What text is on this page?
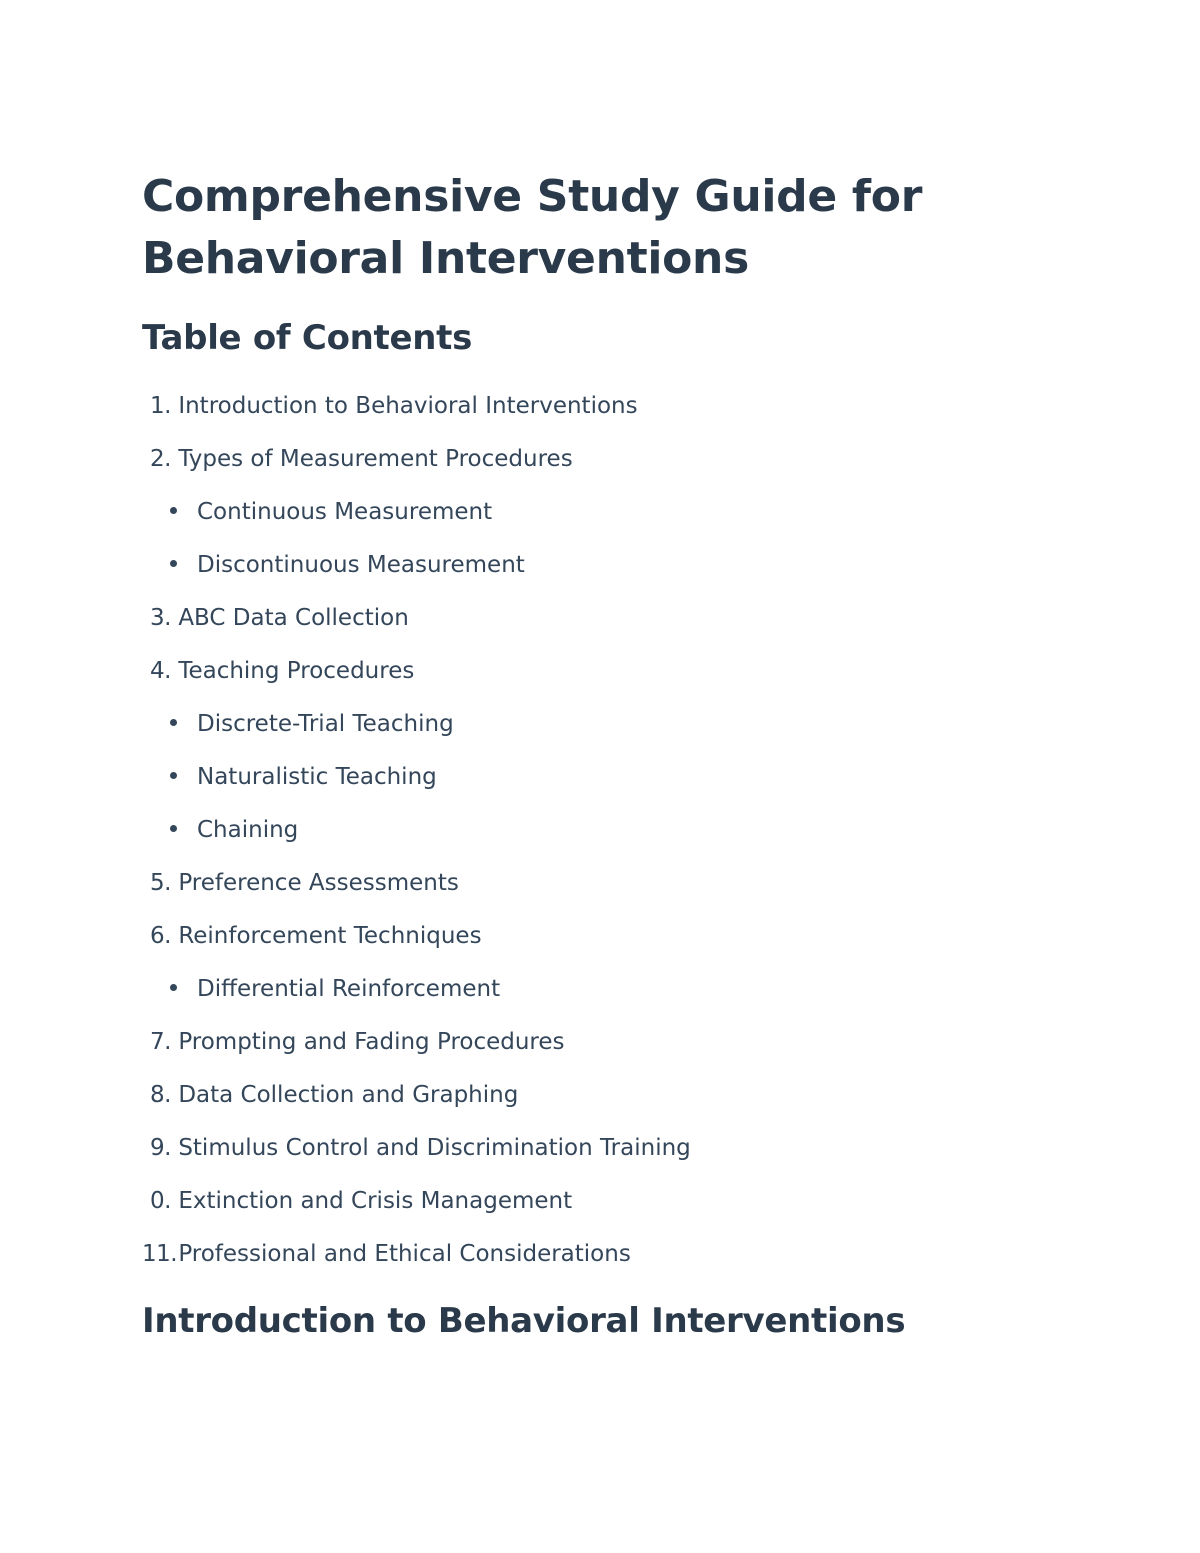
Comprehensive Study Guide for
Behavioral Interventions
Table of Contents
1. Introduction to Behavioral Interventions
2. Types of Measurement Procedures
Continuous Measurement
Discontinuous Measurement
3. ABC Data Collection
4. Teaching Procedures
Discrete-Trial Teaching
Naturalistic Teaching
Chaining
5. Preference Assessments
6. Reinforcement Techniques
Differential Reinforcement
7. Prompting and Fading Procedures
8. Data Collection and Graphing
9. Stimulus Control and Discrimination Training
0. Extinction and Crisis Management
11. Professional and Ethical Considerations
Introduction to Behavioral Interventions
